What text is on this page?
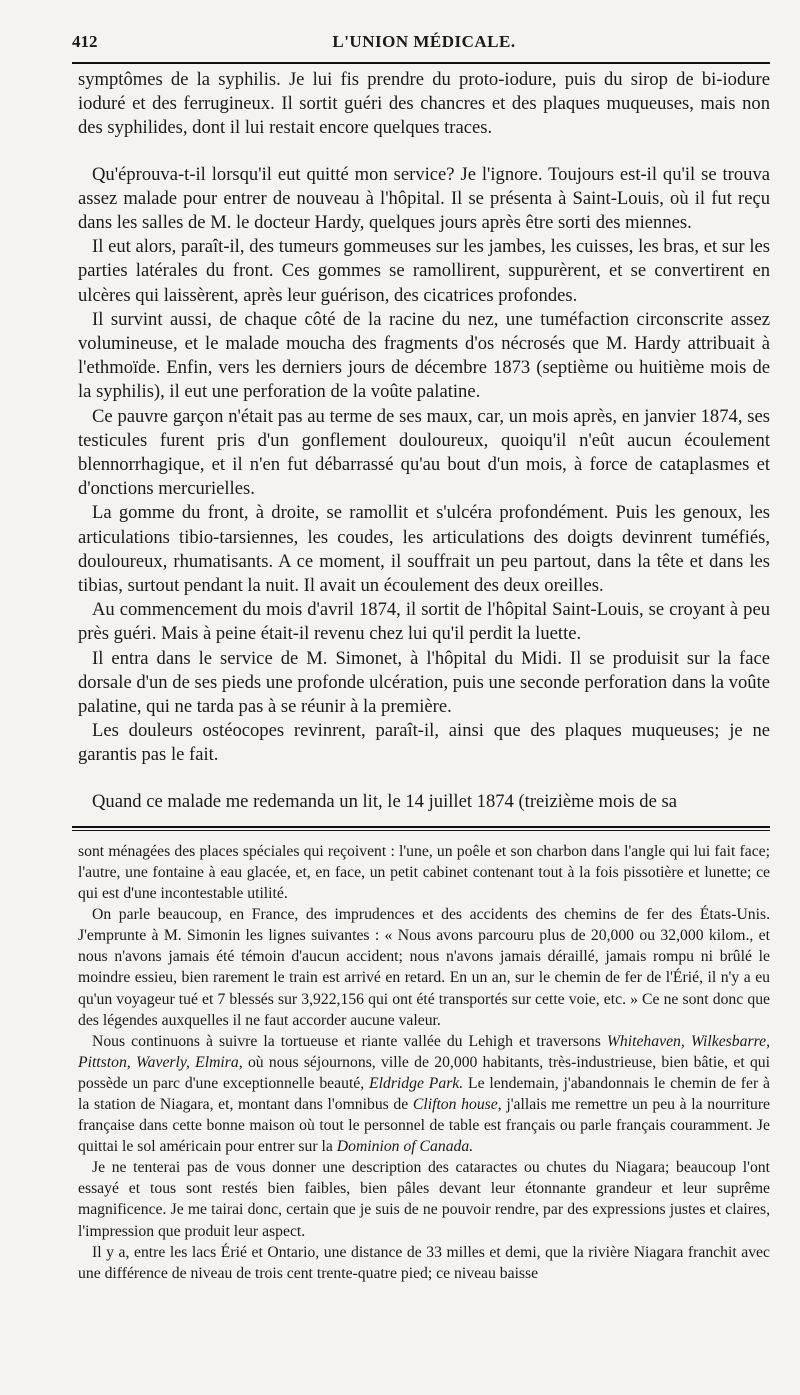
412	L'UNION MÉDICALE.

symptômes de la syphilis. Je lui fis prendre du proto-iodure, puis du sirop de bi-iodure ioduré et des ferrugineux. Il sortit guéri des chancres et des plaques muqueuses, mais non des syphilides, dont il lui restait encore quelques traces.

Qu'éprouva-t-il lorsqu'il eut quitté mon service? Je l'ignore. Toujours est-il qu'il se trouva assez malade pour entrer de nouveau à l'hôpital. Il se présenta à Saint-Louis, où il fut reçu dans les salles de M. le docteur Hardy, quelques jours après être sorti des miennes.

Il eut alors, paraît-il, des tumeurs gommeuses sur les jambes, les cuisses, les bras, et sur les parties latérales du front. Ces gommes se ramollirent, suppurèrent, et se convertirent en ulcères qui laissèrent, après leur guérison, des cicatrices profondes.

Il survint aussi, de chaque côté de la racine du nez, une tuméfaction circonscrite assez volumineuse, et le malade moucha des fragments d'os nécrosés que M. Hardy attribuait à l'ethmoïde. Enfin, vers les derniers jours de décembre 1873 (septième ou huitième mois de la syphilis), il eut une perforation de la voûte palatine.

Ce pauvre garçon n'était pas au terme de ses maux, car, un mois après, en janvier 1874, ses testicules furent pris d'un gonflement douloureux, quoiqu'il n'eût aucun écoulement blennorrhagique, et il n'en fut débarrassé qu'au bout d'un mois, à force de cataplasmes et d'onctions mercurielles.

La gomme du front, à droite, se ramollit et s'ulcéra profondément. Puis les genoux, les articulations tibio-tarsiennes, les coudes, les articulations des doigts devinrent tuméfiés, douloureux, rhumatisants. A ce moment, il souffrait un peu partout, dans la tête et dans les tibias, surtout pendant la nuit. Il avait un écoulement des deux oreilles.

Au commencement du mois d'avril 1874, il sortit de l'hôpital Saint-Louis, se croyant à peu près guéri. Mais à peine était-il revenu chez lui qu'il perdit la luette.

Il entra dans le service de M. Simonet, à l'hôpital du Midi. Il se produisit sur la face dorsale d'un de ses pieds une profonde ulcération, puis une seconde perforation dans la voûte palatine, qui ne tarda pas à se réunir à la première.

Les douleurs ostéocopes revinrent, paraît-il, ainsi que des plaques muqueuses; je ne garantis pas le fait.

Quand ce malade me redemanda un lit, le 14 juillet 1874 (treizième mois de sa

sont ménagées des places spéciales qui reçoivent : l'une, un poêle et son charbon dans l'angle qui lui fait face; l'autre, une fontaine à eau glacée, et, en face, un petit cabinet contenant tout à la fois pissotière et lunette; ce qui est d'une incontestable utilité.

On parle beaucoup, en France, des imprudences et des accidents des chemins de fer des États-Unis. J'emprunte à M. Simonin les lignes suivantes : « Nous avons parcouru plus de 20,000 ou 32,000 kilom., et nous n'avons jamais été témoin d'aucun accident; nous n'avons jamais déraillé, jamais rompu ni brûlé le moindre essieu, bien rarement le train est arrivé en retard. En un an, sur le chemin de fer de l'Érié, il n'y a eu qu'un voyageur tué et 7 blessés sur 3,922,156 qui ont été transportés sur cette voie, etc. » Ce ne sont donc que des légendes auxquelles il ne faut accorder aucune valeur.

Nous continuons à suivre la tortueuse et riante vallée du Lehigh et traversons Whitehaven, Wilkesbarre, Pittston, Waverly, Elmira, où nous séjournons, ville de 20,000 habitants, très-industrieuse, bien bâtie, et qui possède un parc d'une exceptionnelle beauté, Eldridge Park. Le lendemain, j'abandonnais le chemin de fer à la station de Niagara, et, montant dans l'omnibus de Clifton house, j'allais me remettre un peu à la nourriture française dans cette bonne maison où tout le personnel de table est français ou parle français couramment. Je quittai le sol américain pour entrer sur la Dominion of Canada.

Je ne tenterai pas de vous donner une description des cataractes ou chutes du Niagara; beaucoup l'ont essayé et tous sont restés bien faibles, bien pâles devant leur étonnante grandeur et leur suprême magnificence. Je me tairai donc, certain que je suis de ne pouvoir rendre, par des expressions justes et claires, l'impression que produit leur aspect.

Il y a, entre les lacs Érié et Ontario, une distance de 33 milles et demi, que la rivière Niagara franchit avec une différence de niveau de trois cent trente-quatre pied; ce niveau baisse
